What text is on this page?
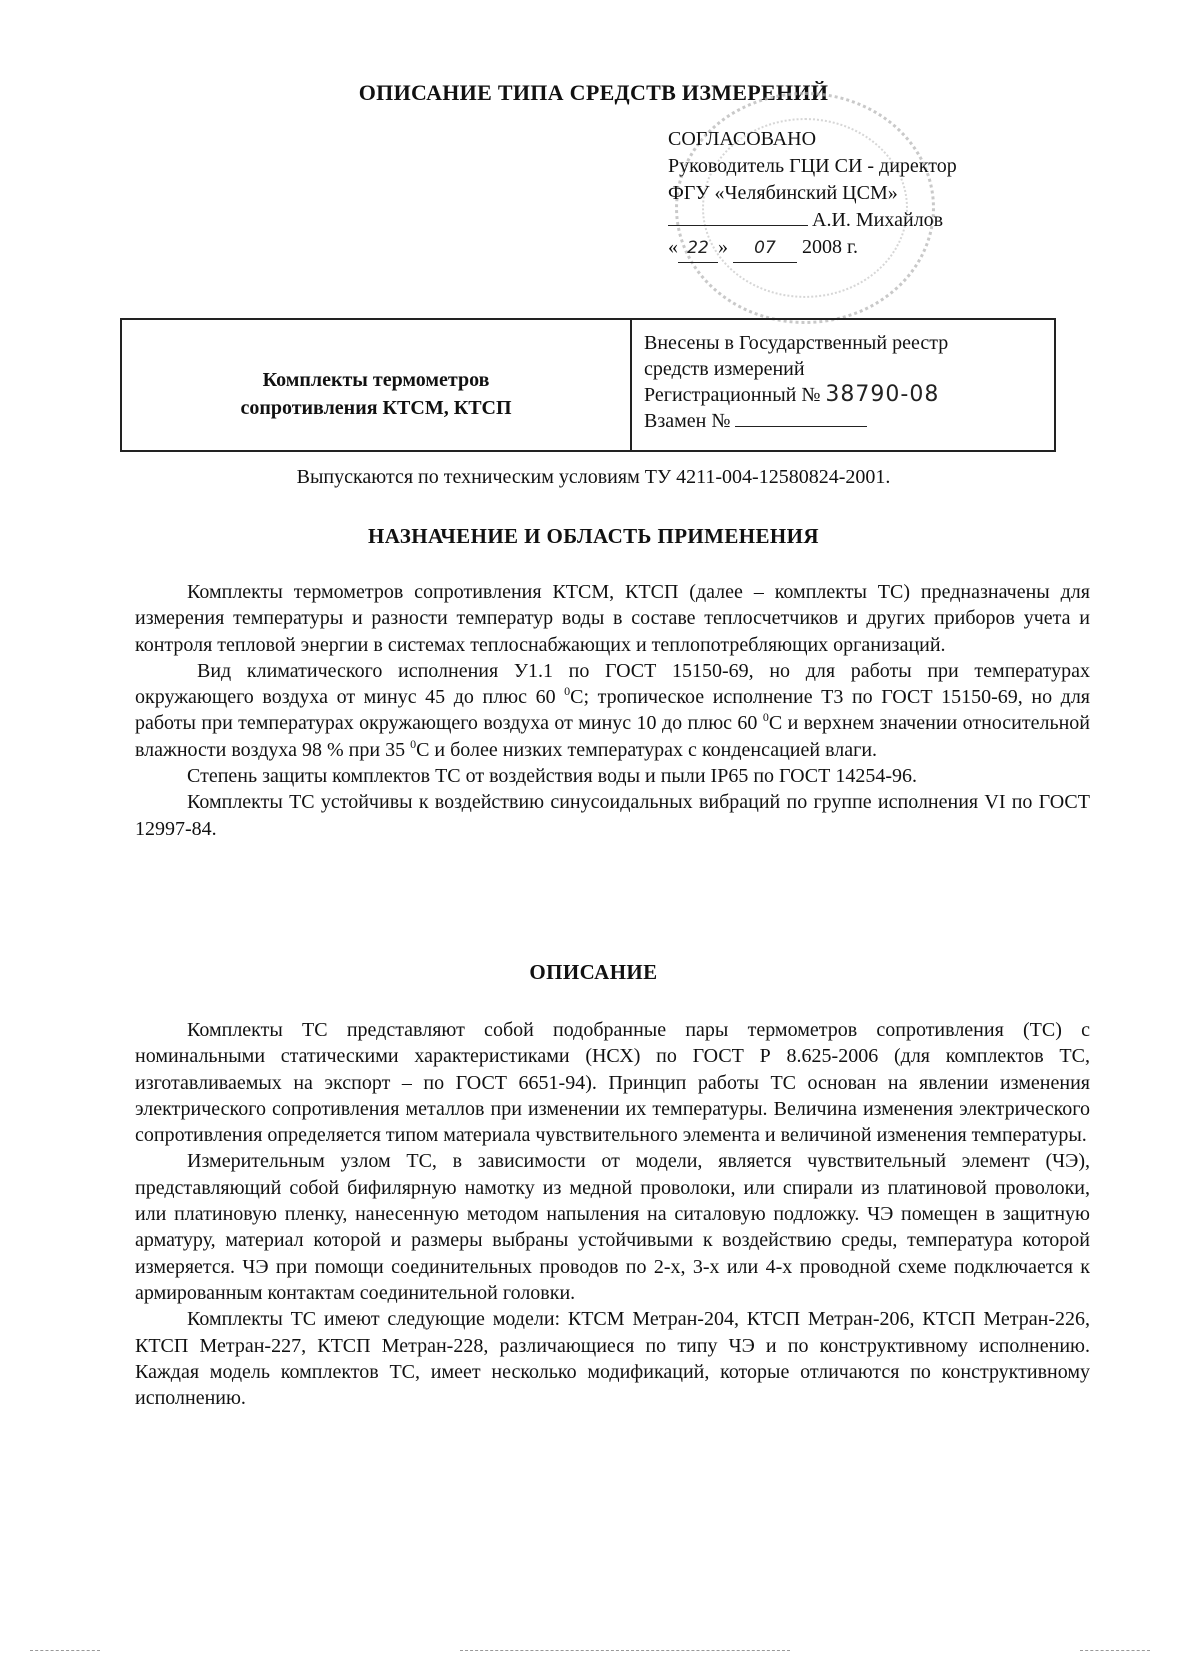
ОПИСАНИЕ ТИПА СРЕДСТВ ИЗМЕРЕНИЙ
СОГЛАСОВАНО
Руководитель ГЦИ СИ - директор
ФГУ «Челябинский ЦСМ»
А.И. Михайлов
« 22 » 07 2008 г.
Комплекты термометров
сопротивления КТСМ, КТСП
Внесены в Государственный реестр
средств измерений
Регистрационный № 38790-08
Взамен №
Выпускаются по техническим условиям ТУ 4211-004-12580824-2001.
НАЗНАЧЕНИЕ И ОБЛАСТЬ ПРИМЕНЕНИЯ

Комплекты термометров сопротивления КТСМ, КТСП (далее – комплекты ТС) предназначены для измерения температуры и разности температур воды в составе теплосчетчиков и других приборов учета и контроля тепловой энергии в системах теплоснабжающих и теплопотребляющих организаций.

Вид климатического исполнения У1.1 по ГОСТ 15150-69, но для работы при температурах окружающего воздуха от минус 45 до плюс 60 $^0$С; тропическое исполнение Т3 по ГОСТ 15150-69, но для работы при температурах окружающего воздуха от минус 10 до плюс 60 $^0$С и верхнем значении относительной влажности воздуха 98 % при 35 $^0$С и более низких температурах с конденсацией влаги.

Степень защиты комплектов ТС от воздействия воды и пыли IP65 по ГОСТ 14254-96.

Комплекты ТС устойчивы к воздействию синусоидальных вибраций по группе исполнения VI по ГОСТ 12997-84.

ОПИСАНИЕ

Комплекты ТС представляют собой подобранные пары термометров сопротивления (ТС) с номинальными статическими характеристиками (НСХ) по ГОСТ Р 8.625-2006 (для комплектов ТС, изготавливаемых на экспорт – по ГОСТ 6651-94). Принцип работы ТС основан на явлении изменения электрического сопротивления металлов при изменении их температуры. Величина изменения электрического сопротивления определяется типом материала чувствительного элемента и величиной изменения температуры.

Измерительным узлом ТС, в зависимости от модели, является чувствительный элемент (ЧЭ), представляющий собой бифилярную намотку из медной проволоки, или спирали из платиновой проволоки, или платиновую пленку, нанесенную методом напыления на ситаловую подложку. ЧЭ помещен в защитную арматуру, материал которой и размеры выбраны устойчивыми к воздействию среды, температура которой измеряется. ЧЭ при помощи соединительных проводов по 2-х, 3-х или 4-х проводной схеме подключается к армированным контактам соединительной головки.

Комплекты ТС имеют следующие модели: КТСМ Метран-204, КТСП Метран-206, КТСП Метран-226, КТСП Метран-227, КТСП Метран-228, различающиеся по типу ЧЭ и по конструктивному исполнению. Каждая модель комплектов ТС, имеет несколько модификаций, которые отличаются по конструктивному исполнению.
